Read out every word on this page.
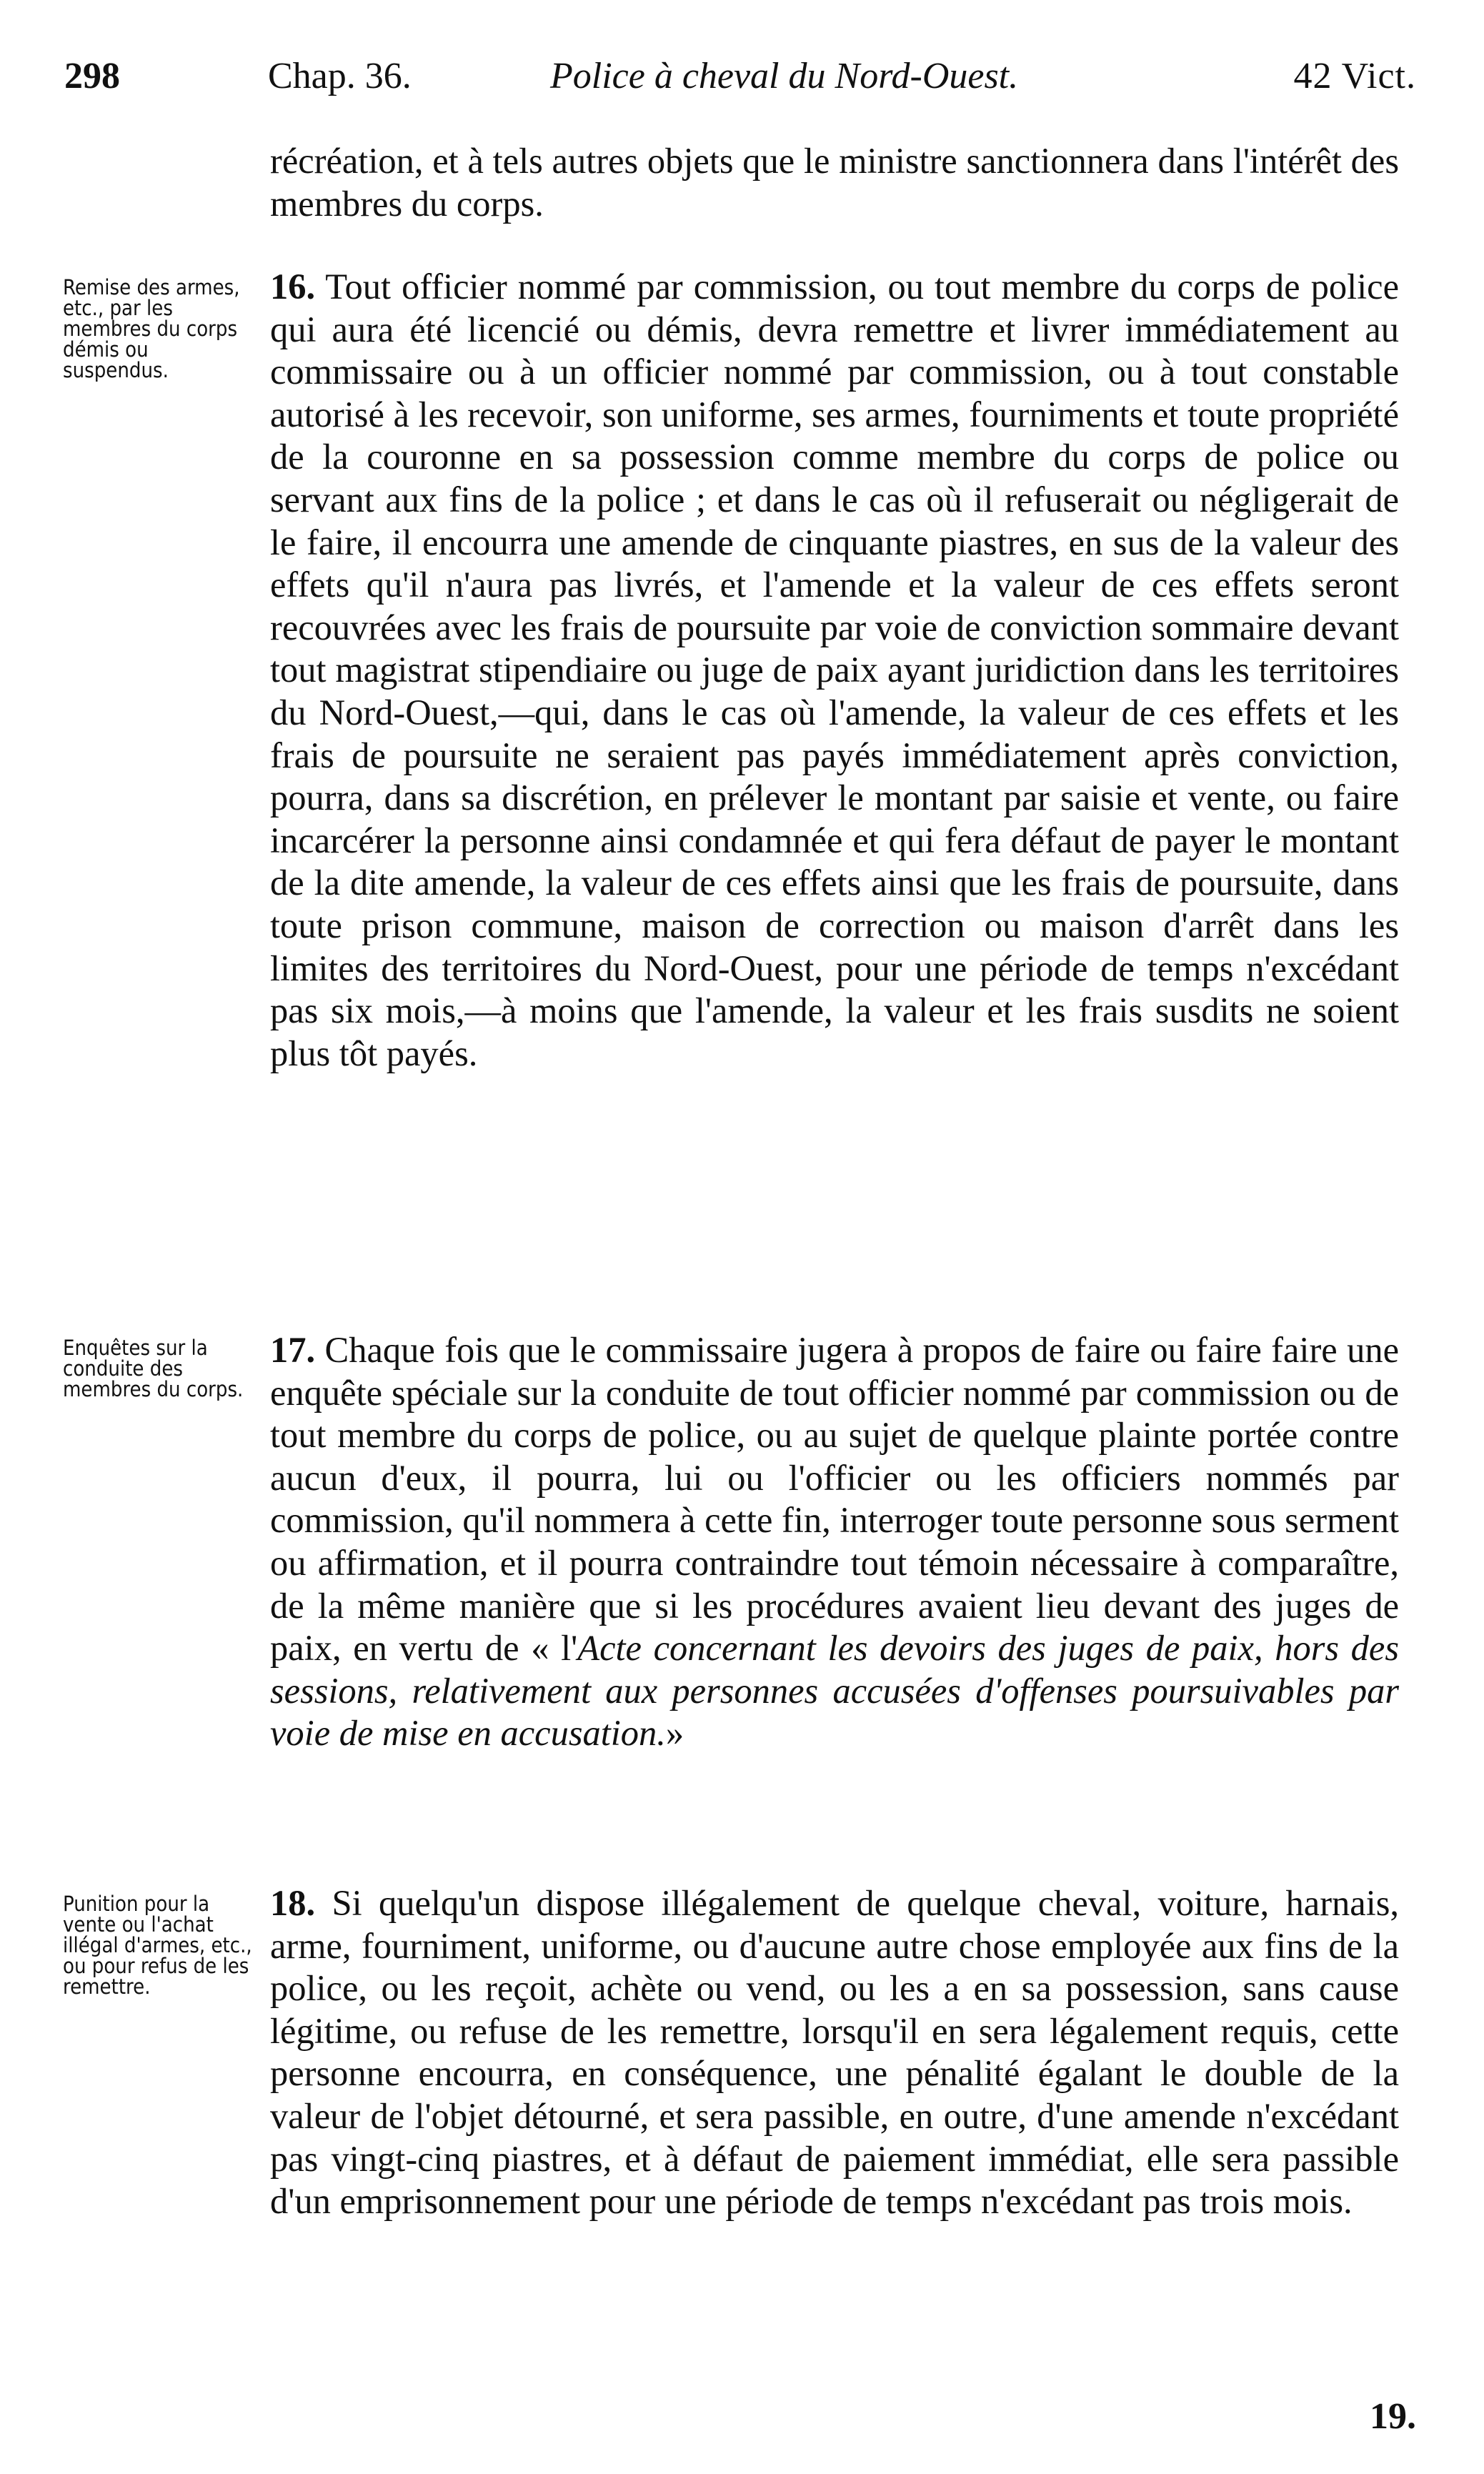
298	Chap. 36.	Police à cheval du Nord-Ouest.	42 Vict.

récréation, et à tels autres objets que le ministre sanctionnera dans l'intérêt des membres du corps.

Remise des armes, etc., par les membres du corps démis ou suspendus.

16. Tout officier nommé par commission, ou tout membre du corps de police qui aura été licencié ou démis, devra remettre et livrer immédiatement au commissaire ou à un officier nommé par commission, ou à tout constable autorisé à les recevoir, son uniforme, ses armes, fourniments et toute propriété de la couronne en sa possession comme membre du corps de police ou servant aux fins de la police ; et dans le cas où il refuserait ou négligerait de le faire, il encourra une amende de cinquante piastres, en sus de la valeur des effets qu'il n'aura pas livrés, et l'amende et la valeur de ces effets seront recouvrées avec les frais de poursuite par voie de conviction sommaire devant tout magistrat stipendiaire ou juge de paix ayant juridiction dans les territoires du Nord-Ouest,—qui, dans le cas où l'amende, la valeur de ces effets et les frais de poursuite ne seraient pas payés immédiatement après conviction, pourra, dans sa discrétion, en prélever le montant par saisie et vente, ou faire incarcérer la personne ainsi condamnée et qui fera défaut de payer le montant de la dite amende, la valeur de ces effets ainsi que les frais de poursuite, dans toute prison commune, maison de correction ou maison d'arrêt dans les limites des territoires du Nord-Ouest, pour une période de temps n'excédant pas six mois,—à moins que l'amende, la valeur et les frais susdits ne soient plus tôt payés.

Enquêtes sur la conduite des membres du corps.

17. Chaque fois que le commissaire jugera à propos de faire ou faire faire une enquête spéciale sur la conduite de tout officier nommé par commission ou de tout membre du corps de police, ou au sujet de quelque plainte portée contre aucun d'eux, il pourra, lui ou l'officier ou les officiers nommés par commission, qu'il nommera à cette fin, interroger toute personne sous serment ou affirmation, et il pourra contraindre tout témoin nécessaire à comparaître, de la même manière que si les procédures avaient lieu devant des juges de paix, en vertu de « l'Acte concernant les devoirs des juges de paix, hors des sessions, relativement aux personnes accusées d'offenses poursuivables par voie de mise en accusation.»

Punition pour la vente ou l'achat illégal d'armes, etc., ou pour refus de les remettre.

18. Si quelqu'un dispose illégalement de quelque cheval, voiture, harnais, arme, fourniment, uniforme, ou d'aucune autre chose employée aux fins de la police, ou les reçoit, achète ou vend, ou les a en sa possession, sans cause légitime, ou refuse de les remettre, lorsqu'il en sera légalement requis, cette personne encourra, en conséquence, une pénalité égalant le double de la valeur de l'objet détourné, et sera passible, en outre, d'une amende n'excédant pas vingt-cinq piastres, et à défaut de paiement immédiat, elle sera passible d'un emprisonnement pour une période de temps n'excédant pas trois mois.

19.
